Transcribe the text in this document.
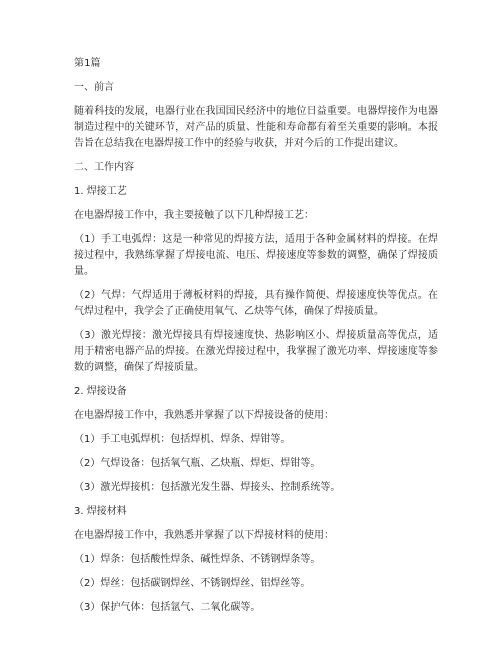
第1篇

一、前言

随着科技的发展，电器行业在我国国民经济中的地位日益重要。电器焊接作为电器制造过程中的关键环节，对产品的质量、性能和寿命都有着至关重要的影响。本报告旨在总结我在电器焊接工作中的经验与收获，并对今后的工作提出建议。

二、工作内容

1. 焊接工艺

在电器焊接工作中，我主要接触了以下几种焊接工艺：

（1）手工电弧焊：这是一种常见的焊接方法，适用于各种金属材料的焊接。在焊接过程中，我熟练掌握了焊接电流、电压、焊接速度等参数的调整，确保了焊接质量。

（2）气焊：气焊适用于薄板材料的焊接，具有操作简便、焊接速度快等优点。在气焊过程中，我学会了正确使用氧气、乙炔等气体，确保了焊接质量。

（3）激光焊接：激光焊接具有焊接速度快、热影响区小、焊接质量高等优点，适用于精密电器产品的焊接。在激光焊接过程中，我掌握了激光功率、焊接速度等参数的调整，确保了焊接质量。

2. 焊接设备

在电器焊接工作中，我熟悉并掌握了以下焊接设备的使用：

（1）手工电弧焊机：包括焊机、焊条、焊钳等。

（2）气焊设备：包括氧气瓶、乙炔瓶、焊炬、焊钳等。

（3）激光焊接机：包括激光发生器、焊接头、控制系统等。

3. 焊接材料

在电器焊接工作中，我熟悉并掌握了以下焊接材料的使用：

（1）焊条：包括酸性焊条、碱性焊条、不锈钢焊条等。

（2）焊丝：包括碳钢焊丝、不锈钢焊丝、铝焊丝等。

（3）保护气体：包括氩气、二氧化碳等。
